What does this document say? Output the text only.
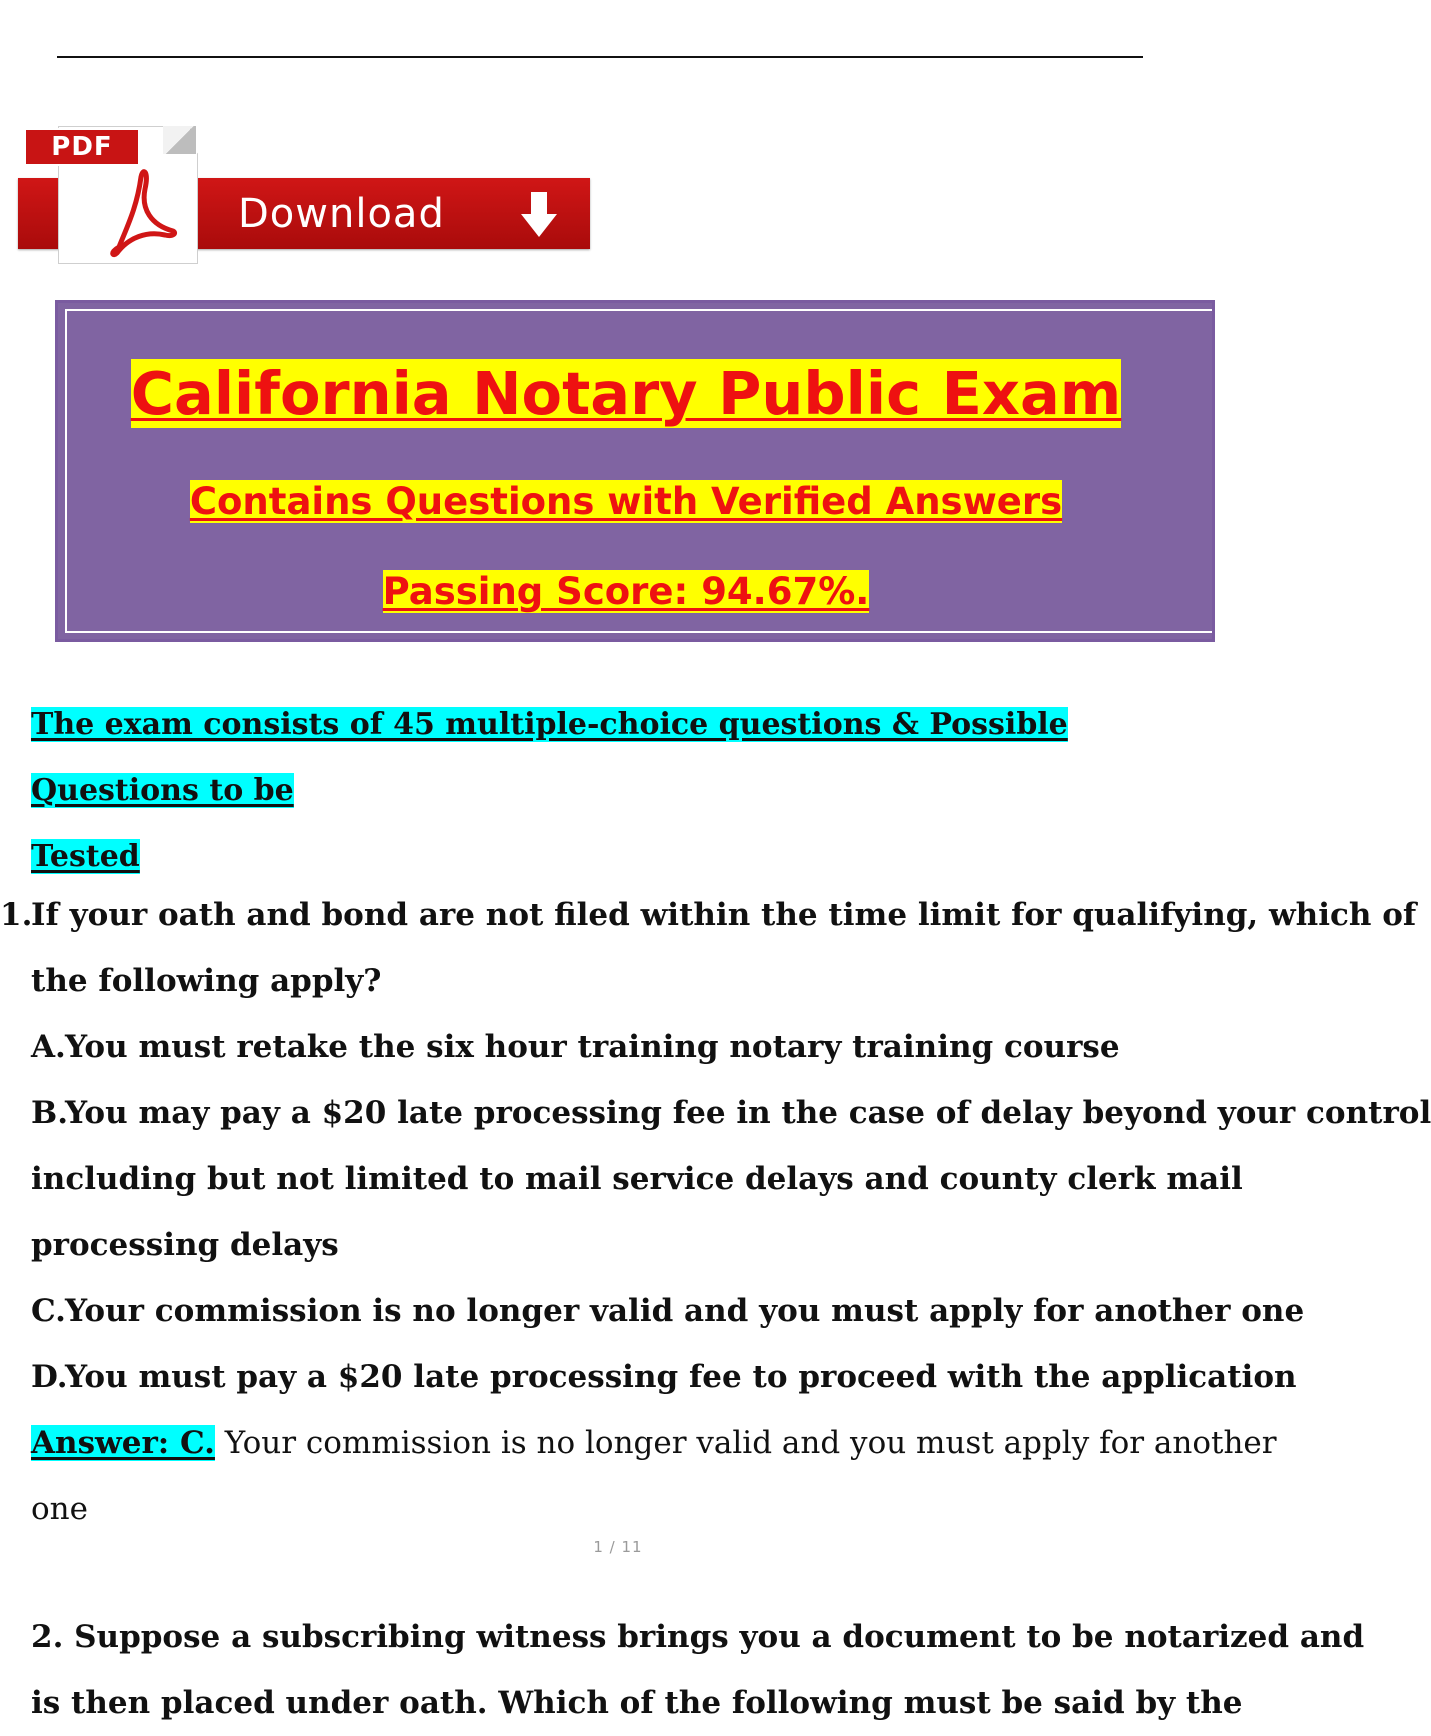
PDF
Download
California Notary Public Exam
Contains Questions with Verified Answers
Passing Score: 94.67%.
The exam consists of 45 multiple-choice questions & Possible Questions to be
Tested
1.If your oath and bond are not filed within the time limit for qualifying, which of
the following apply?
A.You must retake the six hour training notary training course
B.You may pay a $20 late processing fee in the case of delay beyond your control
including but not limited to mail service delays and county clerk mail
processing delays
C.Your commission is no longer valid and you must apply for another one
D.You must pay a $20 late processing fee to proceed with the application
Answer: C. Your commission is no longer valid and you must apply for another
one
1 / 11
2. Suppose a subscribing witness brings you a document to be notarized and
is then placed under oath. Which of the following must be said by the
